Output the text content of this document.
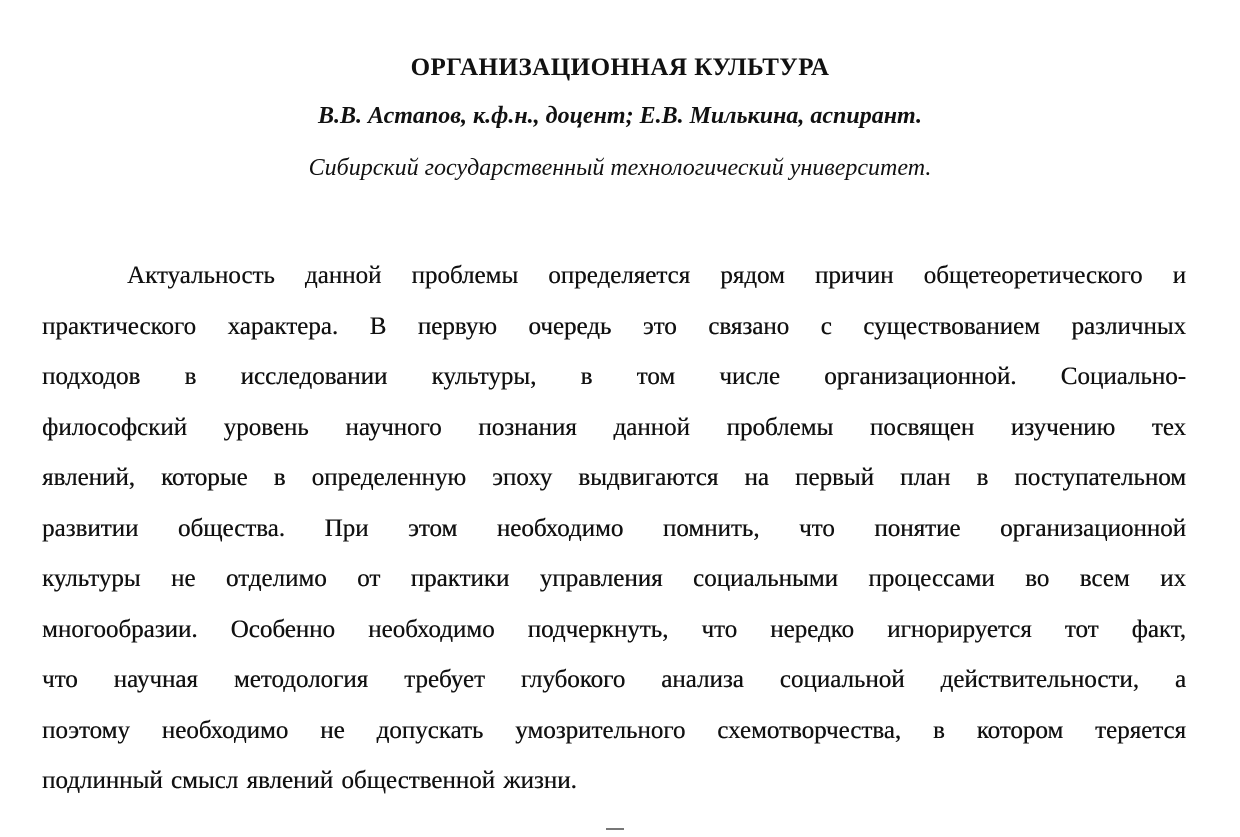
ОРГАНИЗАЦИОННАЯ КУЛЬТУРА
В.В. Астапов, к.ф.н., доцент; Е.В. Милькина, аспирант.
Сибирский государственный технологический университет.
Актуальность данной проблемы определяется рядом причин общетеоретического и
практического характера. В первую очередь это связано с существованием различных
подходов в исследовании культуры, в том числе организационной. Социально-
философский уровень научного познания данной проблемы посвящен изучению тех
явлений, которые в определенную эпоху выдвигаются на первый план в поступательном
развитии общества. При этом необходимо помнить, что понятие организационной
культуры не отделимо от практики управления социальными процессами во всем их
многообразии. Особенно необходимо подчеркнуть, что нередко игнорируется тот факт,
что научная методология требует глубокого анализа социальной действительности, а
поэтому необходимо не допускать умозрительного схемотворчества, в котором теряется
подлинный смысл явлений общественной жизни.
